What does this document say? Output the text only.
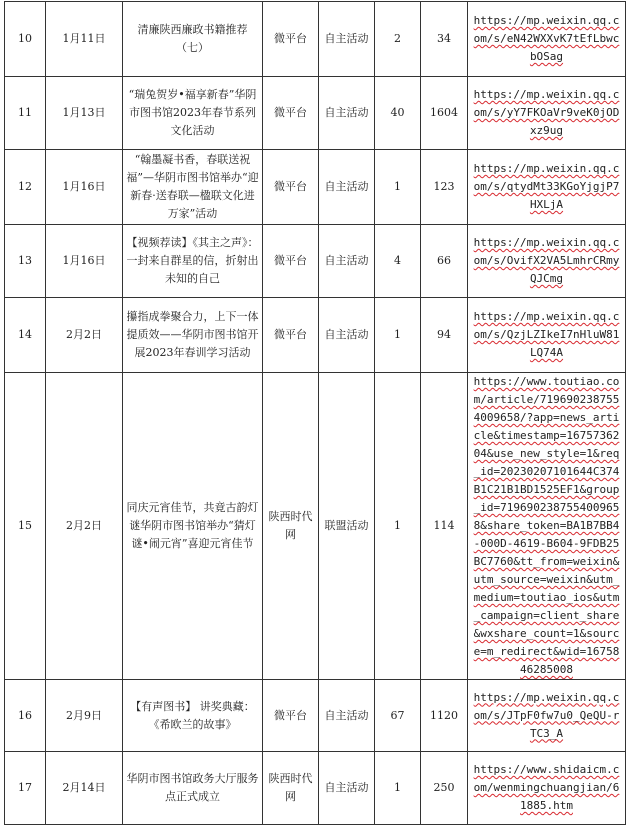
10	1月11日	清廉陕西廉政书籍推荐（七）	微平台	自主活动	2	34	https://mp.weixin.qq.com/s/eN42WXXvK7tEfLbwcbOSag
11	1月13日	“瑞兔贺岁•福享新春”华阴市图书馆2023年春节系列文化活动	微平台	自主活动	40	1604	https://mp.weixin.qq.com/s/yY7FKOaVr9veK0jODxz9ug
12	1月16日	“翰墨凝书香，春联送祝福”—华阴市图书馆举办“迎新春·送春联—楹联文化进万家”活动	微平台	自主活动	1	123	https://mp.weixin.qq.com/s/qtydMt33KGoYjgjP7HXLjA
13	1月16日	【视频荐读】《其主之声》：一封来自群星的信，折射出未知的自己	微平台	自主活动	4	66	https://mp.weixin.qq.com/s/OvifX2VA5LmhrCRmyQJCmg
14	2月2日	攥指成拳聚合力，上下一体提质效——华阴市图书馆开展2023年春训学习活动	微平台	自主活动	1	94	https://mp.weixin.qq.com/s/QzjLZIkeI7nHluW81LQ74A
15	2月2日	同庆元宵佳节，共竟古韵灯谜华阴市图书馆举办“猜灯谜•闹元宵”喜迎元宵佳节	陕西时代网	联盟活动	1	114	https://www.toutiao.com/article/7196902387554009658/?app=news_article&timestamp=1675736204&use_new_style=1&req_id=20230207101644C374B1C21B1BD1525EF1&group_id=7196902387554009658&share_token=BA1B7BB4-000D-4619-B604-9FDB25BC7760&tt_from=weixin&utm_source=weixin&utm_medium=toutiao_ios&utm_campaign=client_share&wxshare_count=1&source=m_redirect&wid=1675846285008
16	2月9日	【有声图书】 讲奖典藏：《希欧兰的故事》	微平台	自主活动	67	1120	https://mp.weixin.qq.com/s/JTpF0fw7u0_QeQU-rTC3_A
17	2月14日	华阴市图书馆政务大厅服务点正式成立	陕西时代网	自主活动	1	250	https://www.shidaicm.com/wenmingchuangjian/61885.htm
